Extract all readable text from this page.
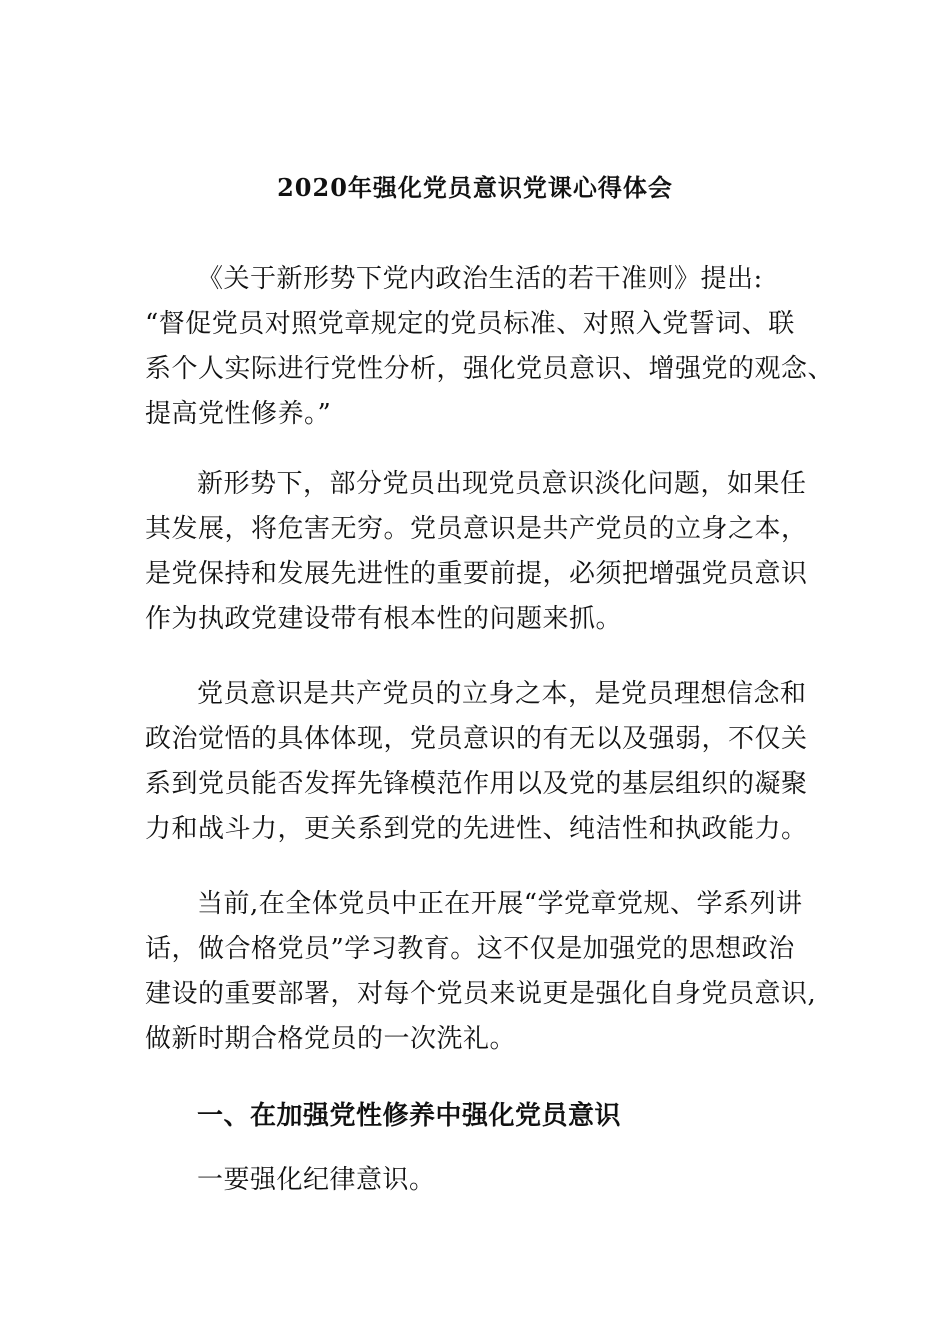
2020年强化党员意识党课心得体会
《关于新形势下党内政治生活的若干准则》提出:
“督促党员对照党章规定的党员标准、对照入党誓词、联
系个人实际进行党性分析，强化党员意识、增强党的观念、
提高党性修养。”
新形势下，部分党员出现党员意识淡化问题，如果任
其发展，将危害无穷。党员意识是共产党员的立身之本，
是党保持和发展先进性的重要前提，必须把增强党员意识
作为执政党建设带有根本性的问题来抓。
党员意识是共产党员的立身之本，是党员理想信念和
政治觉悟的具体体现，党员意识的有无以及强弱，不仅关
系到党员能否发挥先锋模范作用以及党的基层组织的凝聚
力和战斗力，更关系到党的先进性、纯洁性和执政能力。
当前,在全体党员中正在开展“学党章党规、学系列讲
话，做合格党员”学习教育。这不仅是加强党的思想政治
建设的重要部署，对每个党员来说更是强化自身党员意识,
做新时期合格党员的一次洗礼。
一、在加强党性修养中强化党员意识
一要强化纪律意识。
